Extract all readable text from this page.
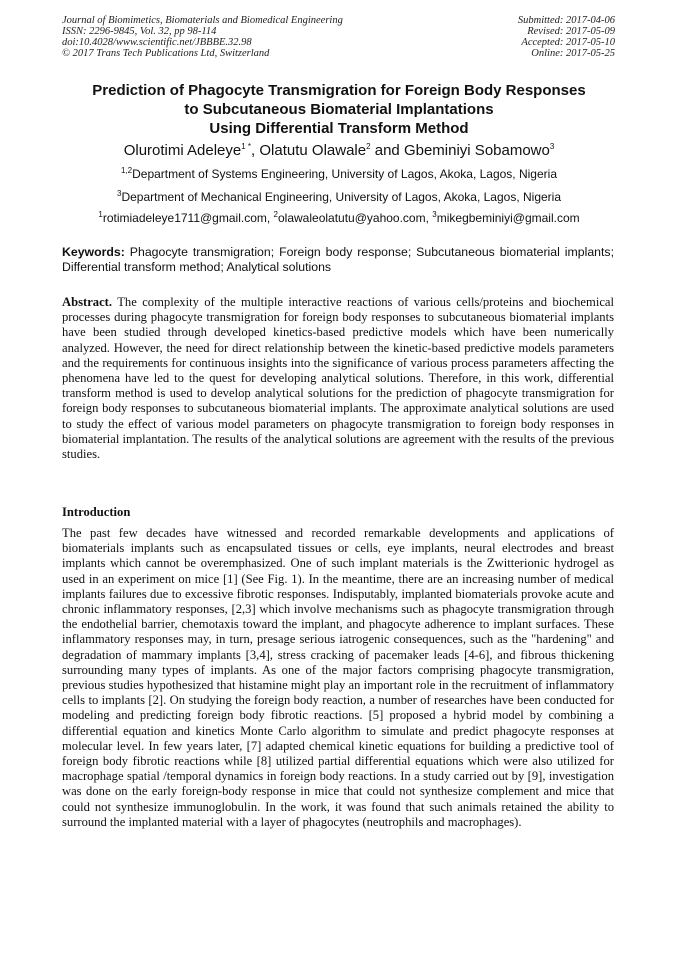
Journal of Biomimetics, Biomaterials and Biomedical Engineering
ISSN: 2296-9845, Vol. 32, pp 98-114
doi:10.4028/www.scientific.net/JBBBE.32.98
© 2017 Trans Tech Publications Ltd, Switzerland
Submitted: 2017-04-06
Revised: 2017-05-09
Accepted: 2017-05-10
Online: 2017-05-25
Prediction of Phagocyte Transmigration for Foreign Body Responses
to Subcutaneous Biomaterial Implantations
Using Differential Transform Method
Olurotimi Adeleye$^{1 *}$, Olatutu Olawale$^2$ and Gbeminiyi Sobamowo$^3$
$^{1,2}$Department of Systems Engineering, University of Lagos, Akoka, Lagos, Nigeria
$^3$Department of Mechanical Engineering, University of Lagos, Akoka, Lagos, Nigeria
$^1$rotimiadeleye1711@gmail.com, $^2$olawaleolatutu@yahoo.com, $^3$mikegbeminiyi@gmail.com
Keywords: Phagocyte transmigration; Foreign body response; Subcutaneous biomaterial implants; Differential transform method; Analytical solutions
Abstract. The complexity of the multiple interactive reactions of various cells/proteins and biochemical processes during phagocyte transmigration for foreign body responses to subcutaneous biomaterial implants have been studied through developed kinetics-based predictive models which have been numerically analyzed. However, the need for direct relationship between the kinetic-based predictive models parameters and the requirements for continuous insights into the significance of various process parameters affecting the phenomena have led to the quest for developing analytical solutions. Therefore, in this work, differential transform method is used to develop analytical solutions for the prediction of phagocyte transmigration for foreign body responses to subcutaneous biomaterial implants. The approximate analytical solutions are used to study the effect of various model parameters on phagocyte transmigration to foreign body responses in biomaterial implantation. The results of the analytical solutions are agreement with the results of the previous studies.
Introduction
The past few decades have witnessed and recorded remarkable developments and applications of biomaterials implants such as encapsulated tissues or cells, eye implants, neural electrodes and breast implants which cannot be overemphasized. One of such implant materials is the Zwitterionic hydrogel as used in an experiment on mice [1] (See Fig. 1). In the meantime, there are an increasing number of medical implants failures due to excessive fibrotic responses. Indisputably, implanted biomaterials provoke acute and chronic inflammatory responses, [2,3] which involve mechanisms such as phagocyte transmigration through the endothelial barrier, chemotaxis toward the implant, and phagocyte adherence to implant surfaces. These inflammatory responses may, in turn, presage serious iatrogenic consequences, such as the "hardening" and degradation of mammary implants [3,4], stress cracking of pacemaker leads [4-6], and fibrous thickening surrounding many types of implants. As one of the major factors comprising phagocyte transmigration, previous studies hypothesized that histamine might play an important role in the recruitment of inflammatory cells to implants [2]. On studying the foreign body reaction, a number of researches have been conducted for modeling and predicting foreign body fibrotic reactions. [5] proposed a hybrid model by combining a differential equation and kinetics Monte Carlo algorithm to simulate and predict phagocyte responses at molecular level. In few years later, [7] adapted chemical kinetic equations for building a predictive tool of foreign body fibrotic reactions while [8] utilized partial differential equations which were also utilized for macrophage spatial /temporal dynamics in foreign body reactions. In a study carried out by [9], investigation was done on the early foreign-body response in mice that could not synthesize complement and mice that could not synthesize immunoglobulin. In the work, it was found that such animals retained the ability to surround the implanted material with a layer of phagocytes (neutrophils and macrophages).
